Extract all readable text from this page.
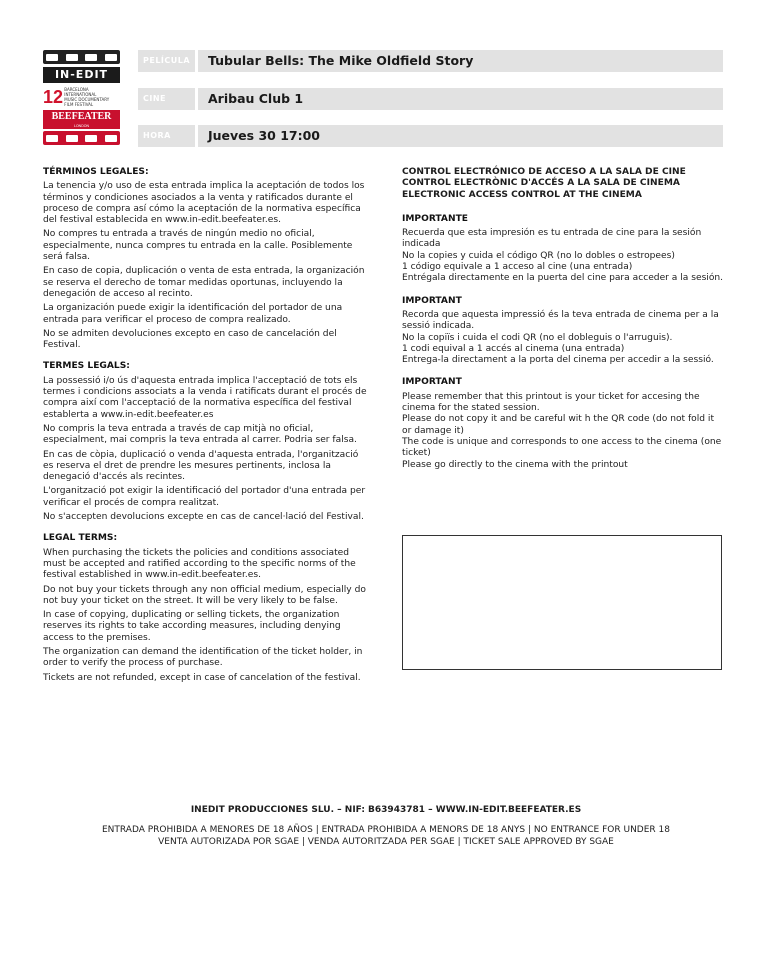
IN-EDIT
12 BARCELONA INTERNATIONAL
MUSIC DOCUMENTARY
FILM FESTIVAL
BEEFEATER
LONDON
PELÍCULA	Tubular Bells: The Mike Oldfield Story
CINE	Aribau Club 1
HORA	Jueves 30 17:00
TÉRMINOS LEGALES:

La tenencia y/o uso de esta entrada implica la aceptación de todos los términos y condiciones asociados a la venta y ratificados durante el proceso de compra así cómo la aceptación de la normativa específica del festival establecida en www.in-edit.beefeater.es.

No compres tu entrada a través de ningún medio no oficial, especialmente, nunca compres tu entrada en la calle. Posiblemente será falsa.

En caso de copia, duplicación o venta de esta entrada, la organización se reserva el derecho de tomar medidas oportunas, incluyendo la denegación de acceso al recinto.

La organización puede exigir la identificación del portador de una entrada para verificar el proceso de compra realizado.

No se admiten devoluciones excepto en caso de cancelación del Festival.

TERMES LEGALS:

La possessió i/o ús d'aquesta entrada implica l'acceptació de tots els termes i condicions associats a la venda i ratificats durant el procés de compra així com l'acceptació de la normativa específica del festival establerta a www.in-edit.beefeater.es

No compris la teva entrada a través de cap mitjà no oficial, especialment, mai compris la teva entrada al carrer. Podria ser falsa.

En cas de còpia, duplicació o venda d'aquesta entrada, l'organització es reserva el dret de prendre les mesures pertinents, inclosa la denegació d'accés als recintes.

L'organització pot exigir la identificació del portador d'una entrada per verificar el procés de compra realitzat.

No s'accepten devolucions excepte en cas de cancel·lació del Festival.

LEGAL TERMS:

When purchasing the tickets the policies and conditions associated must be accepted and ratified according to the specific norms of the festival established in www.in-edit.beefeater.es.

Do not buy your tickets through any non official medium, especially do not buy your ticket on the street. It will be very likely to be false.

In case of copying, duplicating or selling tickets, the organization reserves its rights to take according measures, including denying access to the premises.

The organization can demand the identification of the ticket holder, in order to verify the process of purchase.

Tickets are not refunded, except in case of cancelation of the festival.

CONTROL ELECTRÓNICO DE ACCESO A LA SALA DE CINE
CONTROL ELECTRÒNIC D'ACCÉS A LA SALA DE CINEMA
ELECTRONIC ACCESS CONTROL AT THE CINEMA
IMPORTANTE
Recuerda que esta impresión es tu entrada de cine para la sesión indicada
No la copies y cuida el código QR (no lo dobles o estropees)
1 código equivale a 1 acceso al cine (una entrada)
Entrégala directamente en la puerta del cine para acceder a la sesión.
IMPORTANT
Recorda que aquesta impressió és la teva entrada de cinema per a la sessió indicada.
No la copiïs i cuida el codi QR (no el dobleguis o l'arruguis).
1 codi equival a 1 accés al cinema (una entrada)
Entrega-la directament a la porta del cinema per accedir a la sessió.
IMPORTANT
Please remember that this printout is your ticket for accesing the cinema for the stated session.
Please do not copy it and be careful wit h the QR code (do not fold it or damage it)
The code is unique and corresponds to one access to the cinema (one ticket)
Please go directly to the cinema with the printout
INEDIT PRODUCCIONES SLU. – NIF: B63943781 – WWW.IN-EDIT.BEEFEATER.ES
ENTRADA PROHIBIDA A MENORES DE 18 AÑOS | ENTRADA PROHIBIDA A MENORS DE 18 ANYS | NO ENTRANCE FOR UNDER 18
VENTA AUTORIZADA POR SGAE | VENDA AUTORITZADA PER SGAE | TICKET SALE APPROVED BY SGAE
